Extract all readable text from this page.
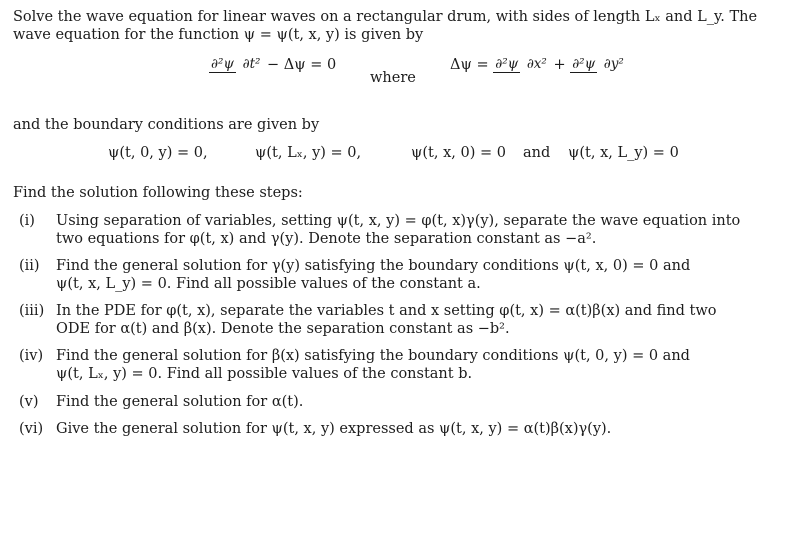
Solve the wave equation for linear waves on a rectangular drum, with sides of length Lₓ and L_y. The
wave equation for the function ψ = ψ(t, x, y) is given by

∂²ψ ∂t² − Δψ = 0
where
Δψ = ∂²ψ ∂x² + ∂²ψ ∂y²

and the boundary conditions are given by

ψ(t, 0, y) = 0,	ψ(t, Lₓ, y) = 0,	ψ(t, x, 0) = 0 and ψ(t, x, L_y) = 0

Find the solution following these steps:

(i)	Using separation of variables, setting ψ(t, x, y) = φ(t, x)γ(y), separate the wave equation into
two equations for φ(t, x) and γ(y). Denote the separation constant as −a².
(ii)	Find the general solution for γ(y) satisfying the boundary conditions ψ(t, x, 0) = 0 and
ψ(t, x, L_y) = 0. Find all possible values of the constant a.
(iii) In the PDE for φ(t, x), separate the variables t and x setting φ(t, x) = α(t)β(x) and find two
ODE for α(t) and β(x). Denote the separation constant as −b².
(iv) Find the general solution for β(x) satisfying the boundary conditions ψ(t, 0, y) = 0 and
ψ(t, Lₓ, y) = 0. Find all possible values of the constant b.
(v)	Find the general solution for α(t).
(vi) Give the general solution for ψ(t, x, y) expressed as ψ(t, x, y) = α(t)β(x)γ(y).
